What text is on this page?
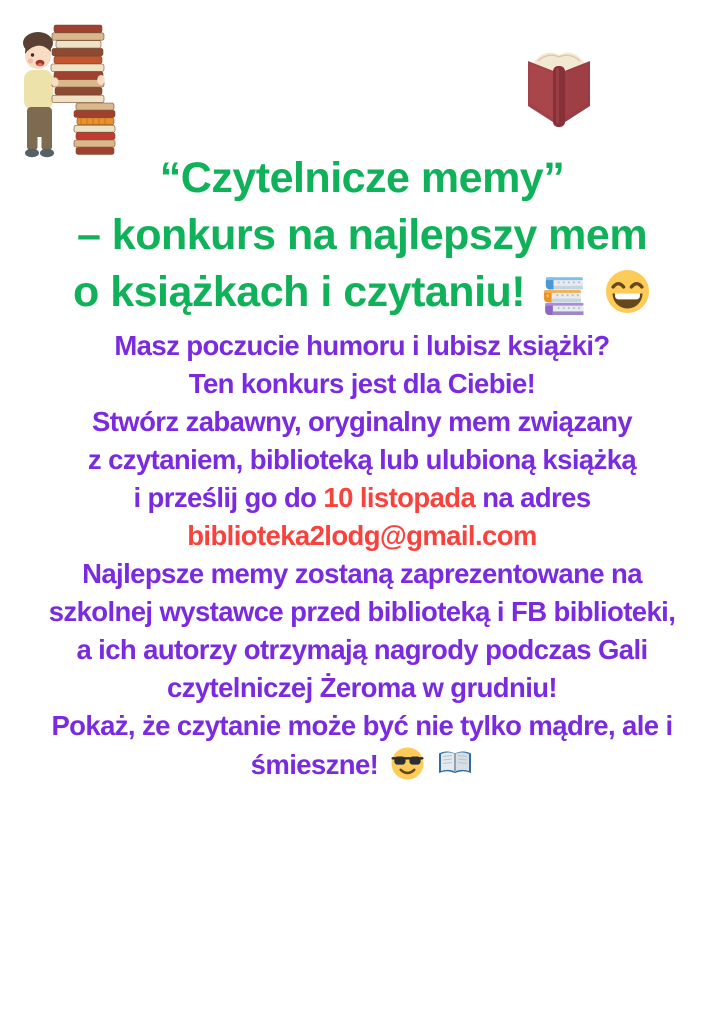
“Czytelnicze memy”
– konkurs na najlepszy mem
o książkach i czytaniu!
Masz poczucie humoru i lubisz książki?
Ten konkurs jest dla Ciebie!
Stwórz zabawny, oryginalny mem związany
z czytaniem, biblioteką lub ulubioną książką
i prześlij go do 10 listopada na adres
biblioteka2lodg@gmail.com
Najlepsze memy zostaną zaprezentowane na
szkolnej wystawce przed biblioteką i FB biblioteki,
a ich autorzy otrzymają nagrody podczas Gali
czytelniczej Żeroma w grudniu!
Pokaż, że czytanie może być nie tylko mądre, ale i
śmieszne!
